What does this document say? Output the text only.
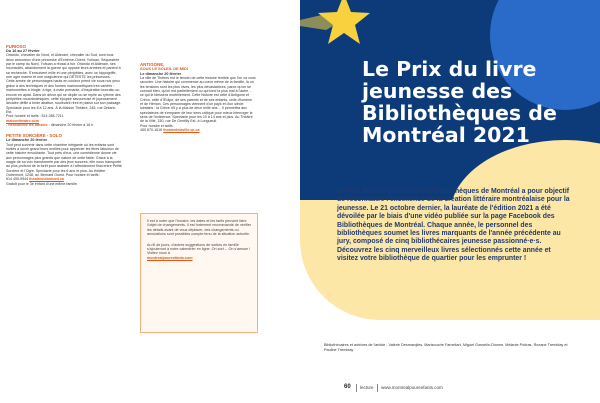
FURIOSO
Du 16 au 27 février
Orlando, chevalier du Nord, et Alderam, chevalier du Sud, sont tous deux amoureux d'une princesse d'Extrême-Orient, Yuhuan. Séquestrée par le camp du Nord, Yuhuan a réussi à fuir. Orlando et Alderam, ses inconsolés, abandonnent la guerre qui oppose leurs armées et partent à sa recherche. S'ensuivent mille et une péripéties, avec un hippogriffe, une ogre marine et une magicienne qui DÉTESTE les princesses.
Cette armée de personnages hauts en couleur prend vie sous nos yeux grâce à des techniques et des formes marionnettiques très variées : marionnettes à tringle, à tige, à main prenante, d'inspiration bunraku ou encore en aplat. Dans un décor qui se déplie ou se replie au rythme des péripéties rocambolesques, cette épopée savoureuse et joyeusement décalée défile à bride abattue, soulevant rires et plaisir sur son passage.
Spectacle pour les 8 à 12 ans. À la Maison Théâtre, 245, rue Ontario Est.
Pour horaire et tarifs : 514 288-7211
maisontheatre.com
- Rencontrez les artistes : dimanche 20 février à 16 h
PETITE SORCIÈRE - SOLO
Le dimanche 20 février
Tout peut survenir dans cette chambre intrigante où les enfants sont invités à ouvrir grand leurs oreilles pour apprécier les êtres fabuleux de cette histoire envoûtante. Tout près d'eux, une comédienne donne vie aux personnages plus grands que nature de cette fable. Grâce à la magie de sa voix transformée par des jeux sonores, elle nous transporte au plus profond de la forêt pour assister à l'affrontement final entre Petite Sorcière et l'Ogre. Spectacle pour les 6 ans et plus. Au théâtre Outremont, 1248, av. Bernard Ouest. Pour horaire et tarifs :
514 495-9944 theatreoutremont.ca
Gratuit pour le 3e enfant d'une même famille.
ANTIGONE,
SOUS LE SOLEIL DE MIDI
Le dimanche 20 février
La ville de Thèbes est le témoin de cette histoire terrible que l'on va vous raconter. Une histoire qui commence au cœur même de la famille, là où les tensions sont les plus vives, les plus dévastatrices, parce qu'on se connaît bien, qu'on est partiellement ou qui fond la plus mal à l'autre… ce qui le blessera mortellement. Cette histoire est celle d'Antigone et Créon, celle d'Œdipe, de ses parents et de ses enfants, celle d'Ismène et de Hémon. Ces personnages viennent d'un pays et d'un siècle lointains : la Grèce d'il y a plus de deux mille ans… Il permettra aux spectateurs de s'emparer de leur sens critique pour mieux interroger le sens de l'existence. Spectacle pour les 10 à 14 ans et plus. Au Théâtre de la Ville, 150, rue De Gentilly Est, à Longueuil.
Pour horaire et tarifs :
450 670-1616 theatredelaville.qc.ca
Il est à noter que l'horaire, les dates et les tarifs peuvent faire l'objet de changements. Il est fortement recommandé de vérifier les détails avant de vous déplacer, des changements ou annulations sont possibles compte tenu de la situation actuelle.
Au fil de jours, d'autres suggestions de sorties en famille s'ajouteront à notre calendrier en ligne. On sort… On s'amuse ! Visitez nous à
montrealpourenfants.com
Le Prix du livre jeunesse des Bibliothèques de Montréal 2021
Le Prix du livre jeunesse des Bibliothèques de Montréal a pour objectif de reconnaître l'excellence de la création littéraire montréalaise pour la jeunesse. Le 21 octobre dernier, la lauréate de l'édition 2021 a été dévoilée par le biais d'une vidéo publiée sur la page Facebook des Bibliothèques de Montréal. Chaque année, le personnel des bibliothèques soumet les livres marquants de l'année précédente au jury, composé de cinq bibliothécaires jeunesse passionné·e·s. Découvrez les cinq merveilleux livres sélectionnés cette année et visitez votre bibliothèque de quartier pour les emprunter !
Bibliothécaires et autrices de l'article : Valérie Desmarqiles, Marisouche Fameliart, Miguel Gosselin-Dionne, Mélanie Poitras, Roxane Tremblay et Pauline Tremblay
60 lecture www.montrealpourenfants.com
